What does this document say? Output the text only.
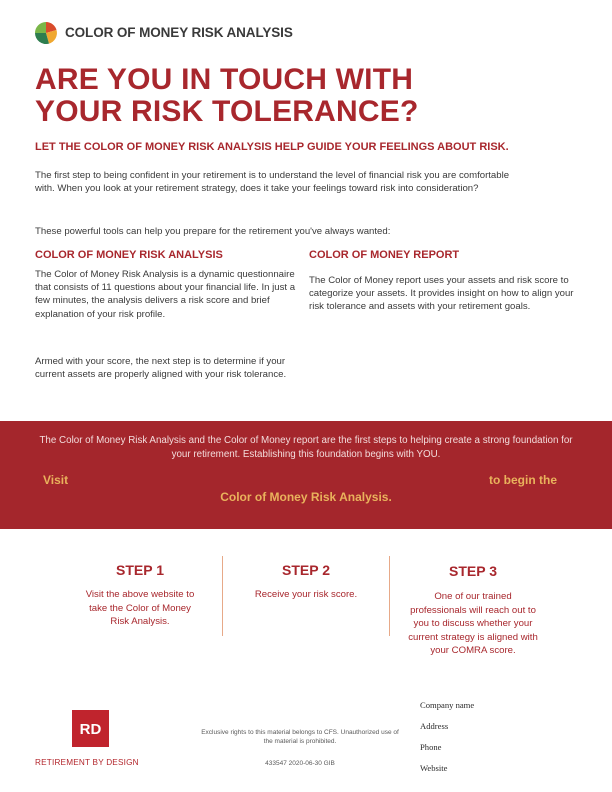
COLOR OF MONEY RISK ANALYSIS
ARE YOU IN TOUCH WITH
YOUR RISK TOLERANCE?
LET THE COLOR OF MONEY RISK ANALYSIS HELP GUIDE YOUR FEELINGS ABOUT RISK.
The first step to being confident in your retirement is to understand the level of financial risk you are comfortable with. When you look at your retirement strategy, does it take your feelings toward risk into consideration?
These powerful tools can help you prepare for the retirement you've always wanted:
COLOR OF MONEY RISK ANALYSIS	COLOR OF MONEY REPORT
The Color of Money Risk Analysis is a dynamic questionnaire that consists of 11 questions about your financial life. In just a few minutes, the analysis delivers a risk score and brief explanation of your risk profile.
Armed with your score, the next step is to determine if your current assets are properly aligned with your risk tolerance.
The Color of Money report uses your assets and risk score to categorize your assets. It provides insight on how to align your risk tolerance and assets with your retirement goals.
The Color of Money Risk Analysis and the Color of Money report are the first steps to helping create a strong foundation for your retirement. Establishing this foundation begins with YOU.
Visit	to begin the
Color of Money Risk Analysis.
STEP 1
Visit the above website to take the Color of Money Risk Analysis.
STEP 2
Receive your risk score.
STEP 3
One of our trained professionals will reach out to you to discuss whether your current strategy is aligned with your COMRA score.
RD
RETIREMENT BY DESIGN
Exclusive rights to this material belongs to CFS. Unauthorized use of the material is prohibited.
433547 2020-06-30 GIB
Company name
Address
Phone
Website
